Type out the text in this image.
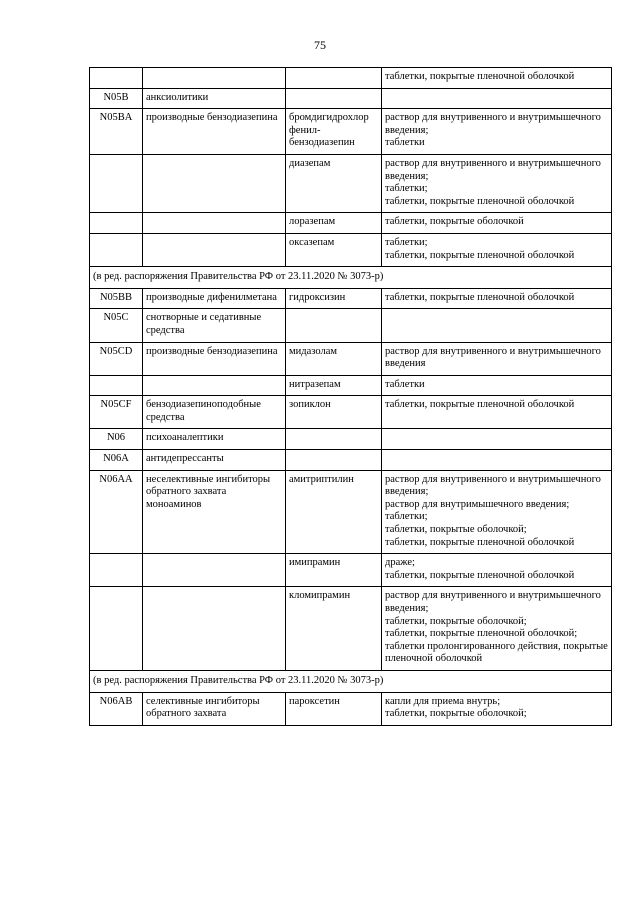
75

			таблетки, покрытые пленочной оболочкой

N05B	анксиолитики		
N05BA	производные бензодиазепина	бромдигидрохлор фенил-бензодиазепин	раствор для внутривенного и внутримышечного введения;
таблетки

		диазепам	раствор для внутривенного и внутримышечного введения;
таблетки;
таблетки, покрытые пленочной оболочкой

		лоразепам	таблетки, покрытые оболочкой

		оксазепам	таблетки;
таблетки, покрытые пленочной оболочкой

(в ред. распоряжения Правительства РФ от 23.11.2020 № 3073-р)			
N05BB	производные дифенилметана	гидроксизин	таблетки, покрытые пленочной оболочкой

N05C	снотворные и седативные средства		
N05CD	производные бензодиазепина	мидазолам	раствор для внутривенного и внутримышечного введения

		нитразепам	таблетки

N05CF	бензодиазепиноподобные средства	зопиклон	таблетки, покрытые пленочной оболочкой

N06	психоаналептики		
N06A	антидепрессанты		
N06AA	неселективные ингибиторы обратного захвата моноаминов	амитриптилин	раствор для внутривенного и внутримышечного введения;
раствор для внутримышечного введения;
таблетки;
таблетки, покрытые оболочкой;
таблетки, покрытые пленочной оболочкой

		имипрамин	драже;
таблетки, покрытые пленочной оболочкой

		кломипрамин	раствор для внутривенного и внутримышечного введения;
таблетки, покрытые оболочкой;
таблетки, покрытые пленочной оболочкой;
таблетки пролонгированного действия, покрытые пленочной оболочкой

(в ред. распоряжения Правительства РФ от 23.11.2020 № 3073-р)			
N06AB	селективные ингибиторы обратного захвата	пароксетин	капли для приема внутрь;
таблетки, покрытые оболочкой;
